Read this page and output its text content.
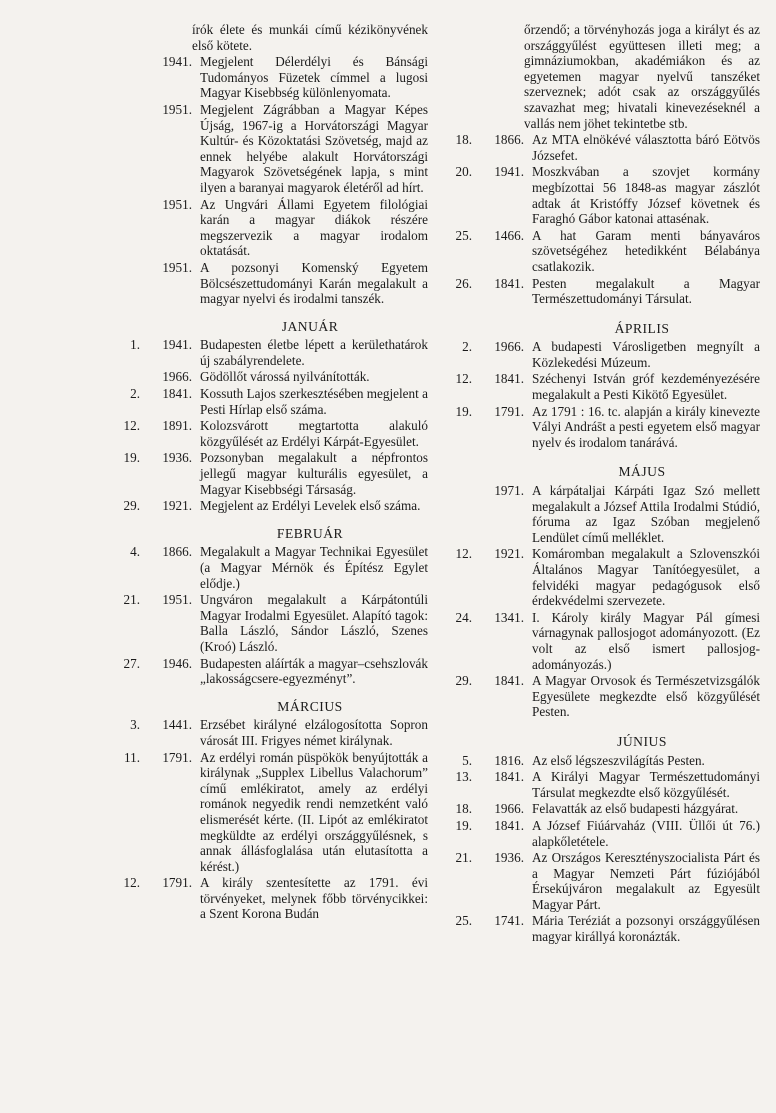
írók élete és munkái című kézikönyvének első kötete.
1941. Megjelent Délerdélyi és Bánsági Tudományos Füzetek címmel a lugosi Magyar Kisebbség különlenyomata.
1951. Megjelent Zágrábban a Magyar Képes Újság, 1967-ig a Horvátországi Magyar Kultúr- és Közoktatási Szövetség, majd az ennek helyébe alakult Horvátországi Magyarok Szövetségének lapja, s mint ilyen a baranyai magyarok életéről ad hírt.
1951. Az Ungvári Állami Egyetem filológiai karán a magyar diákok részére megszervezik a magyar irodalom oktatását.
1951. A pozsonyi Komenský Egyetem Bölcsészettudományi Karán megalakult a magyar nyelvi és irodalmi tanszék.
JANUÁR
1.	1941. Budapesten életbe lépett a kerülethatárok új szabályrendelete.
1966. Gödöllőt várossá nyilvánították.
2.	1841. Kossuth Lajos szerkesztésében megjelent a Pesti Hírlap első száma.
12.	1891. Kolozsvárott megtartotta alakuló közgyűlését az Erdélyi Kárpát-Egyesület.
19.	1936. Pozsonyban megalakult a népfrontos jellegű magyar kulturális egyesület, a Magyar Kisebbségi Társaság.
29.	1921. Megjelent az Erdélyi Levelek első száma.
FEBRUÁR
4.	1866. Megalakult a Magyar Technikai Egyesület (a Magyar Mérnök és Építész Egylet elődje.)
21.	1951. Ungváron megalakult a Kárpátontúli Magyar Irodalmi Egyesület. Alapító tagok: Balla László, Sándor László, Szenes (Kroó) László.
27.	1946. Budapesten aláírták a magyar–csehszlovák „lakosságcsere-egyezményt”.
MÁRCIUS
3.	1441. Erzsébet királyné elzálogosította Sopron városát III. Frigyes német királynak.
11.	1791. Az erdélyi román püspökök benyújtották a királynak „Supplex Libellus Valachorum” című emlékiratot, amely az erdélyi románok negyedik rendi nemzetként való elismerését kérte. (II. Lipót az emlékiratot megküldte az erdélyi országgyűlésnek, s annak állásfoglalása után elutasította a kérést.)
12.	1791. A király szentesítette az 1791. évi törvényeket, melynek főbb törvénycikkei: a Szent Korona Budán
őrzendő; a törvényhozás joga a királyt és az országgyűlést együttesen illeti meg; a gimnáziumokban, akadémiákon és az egyetemen magyar nyelvű tanszéket szerveznek; adót csak az országgyűlés szavazhat meg; hivatali kinevezéseknél a vallás nem jöhet tekintetbe stb.
18.	1866. Az MTA elnökévé választotta báró Eötvös Józsefet.
20.	1941. Moszkvában a szovjet kormány megbízottai 56 1848-as magyar zászlót adtak át Kristóffy József követnek és Faraghó Gábor katonai attasénak.
25.	1466. A hat Garam menti bányaváros szövetségéhez hetedikként Bélabánya csatlakozik.
26.	1841. Pesten megalakult a Magyar Természettudományi Társulat.
ÁPRILIS
2.	1966. A budapesti Városligetben megnyílt a Közlekedési Múzeum.
12.	1841. Széchenyi István gróf kezdeményezésére megalakult a Pesti Kikötő Egyesület.
19.	1791. Az 1791 : 16. tc. alapján a király kinevezte Vályi András̄t a pesti egyetem első magyar nyelv és irodalom tanárává.
MÁJUS
1971. A kárpátaljai Kárpáti Igaz Szó mellett megalakult a József Attila Irodalmi Stúdió, fóruma az Igaz Szóban megjelenő Lendület című melléklet.
12.	1921. Komáromban megalakult a Szlovenszkói Általános Magyar Tanítóegyesület, a felvidéki magyar pedagógusok első érdekvédelmi szervezete.
24.	1341. I. Károly király Magyar Pál gímesi várnagynak pallosjogot adományozott. (Ez volt az első ismert pallosjog-adományozás.)
29.	1841. A Magyar Orvosok és Természetvizsgálók Egyesülete megkezdte első közgyűlését Pesten.
JÚNIUS
5.	1816. Az első légszeszvilágítás Pesten.
13.	1841. A Királyi Magyar Természettudományi Társulat megkezdte első közgyűlését.
18.	1966. Felavatták az első budapesti házgyárat.
19.	1841. A József Fiúárvaház (VIII. Üllői út 76.) alapkőletétele.
21.	1936. Az Országos Keresztényszocialista Párt és a Magyar Nemzeti Párt fúziójából Érsekújváron megalakult az Egyesült Magyar Párt.
25.	1741. Mária Teréziát a pozsonyi országgyűlésen magyar királlyá koronázták.
